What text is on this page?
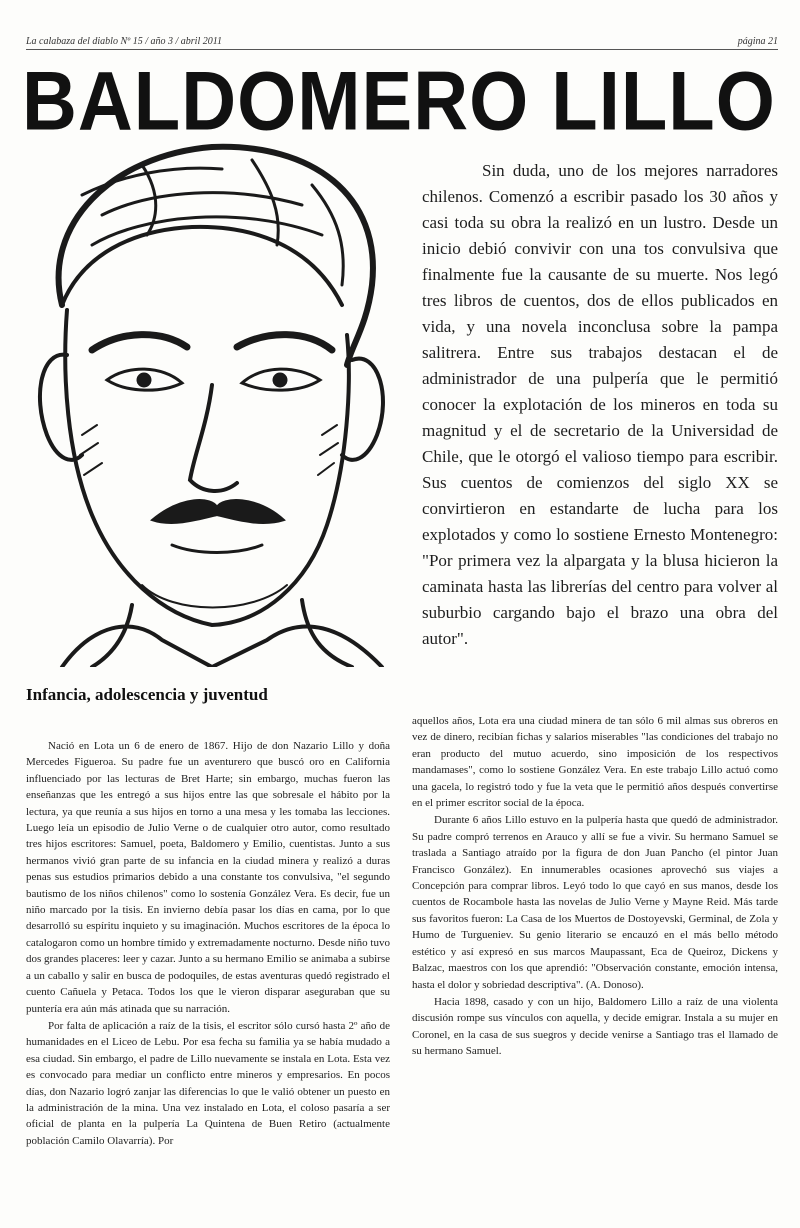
La calabaza del diablo Nº 15 / año 3 / abril 2011	página 21
BALDOMERO LILLO

Sin duda, uno de los mejores narradores chilenos. Comenzó a escribir pasado los 30 años y casi toda su obra la realizó en un lustro. Desde un inicio debió convivir con una tos convulsiva que finalmente fue la causante de su muerte. Nos legó tres libros de cuentos, dos de ellos publicados en vida, y una novela inconclusa sobre la pampa salitrera. Entre sus trabajos destacan el de administrador de una pulpería que le permitió conocer la explotación de los mineros en toda su magnitud y el de secretario de la Universidad de Chile, que le otorgó el valioso tiempo para escribir. Sus cuentos de comienzos del siglo XX se convirtieron en estandarte de lucha para los explotados y como lo sostiene Ernesto Montenegro: "Por primera vez la alpargata y la blusa hicieron la caminata hasta las librerías del centro para volver al suburbio cargando bajo el brazo una obra del autor".

Infancia, adolescencia y juventud

Nació en Lota un 6 de enero de 1867. Hijo de don Nazario Lillo y doña Mercedes Figueroa. Su padre fue un aventurero que buscó oro en California influenciado por las lecturas de Bret Harte; sin embargo, muchas fueron las enseñanzas que les entregó a sus hijos entre las que sobresale el hábito por la lectura, ya que reunía a sus hijos en torno a una mesa y les tomaba las lecciones. Luego leía un episodio de Julio Verne o de cualquier otro autor, como resultado tres hijos escritores: Samuel, poeta, Baldomero y Emilio, cuentistas. Junto a sus hermanos vivió gran parte de su infancia en la ciudad minera y realizó a duras penas sus estudios primarios debido a una constante tos convulsiva, "el segundo bautismo de los niños chilenos" como lo sostenía González Vera. Es decir, fue un niño marcado por la tisis. En invierno debía pasar los días en cama, por lo que desarrolló su espíritu inquieto y su imaginación. Muchos escritores de la época lo catalogaron como un hombre tímido y extremadamente nocturno. Desde niño tuvo dos grandes placeres: leer y cazar. Junto a su hermano Emilio se animaba a subirse a un caballo y salir en busca de podoquiles, de estas aventuras quedó registrado el cuento Cañuela y Petaca. Todos los que le vieron disparar aseguraban que su puntería era aún más atinada que su narración.

Por falta de aplicación a raíz de la tisis, el escritor sólo cursó hasta 2º año de humanidades en el Liceo de Lebu. Por esa fecha su familia ya se había mudado a esa ciudad. Sin embargo, el padre de Lillo nuevamente se instala en Lota. Esta vez es convocado para mediar un conflicto entre mineros y empresarios. En pocos días, don Nazario logró zanjar las diferencias lo que le valió obtener un puesto en la administración de la mina. Una vez instalado en Lota, el coloso pasaría a ser oficial de planta en la pulpería La Quintena de Buen Retiro (actualmente población Camilo Olavarría). Por

aquellos años, Lota era una ciudad minera de tan sólo 6 mil almas sus obreros en vez de dinero, recibían fichas y salarios miserables "las condiciones del trabajo no eran producto del mutuo acuerdo, sino imposición de los respectivos mandamases", como lo sostiene González Vera. En este trabajo Lillo actuó como una gacela, lo registró todo y fue la veta que le permitió años después convertirse en el primer escritor social de la época.

Durante 6 años Lillo estuvo en la pulpería hasta que quedó de administrador. Su padre compró terrenos en Arauco y allí se fue a vivir. Su hermano Samuel se traslada a Santiago atraído por la figura de don Juan Pancho (el pintor Juan Francisco González). En innumerables ocasiones aprovechó sus viajes a Concepción para comprar libros. Leyó todo lo que cayó en sus manos, desde los cuentos de Rocambole hasta las novelas de Julio Verne y Mayne Reid. Más tarde sus favoritos fueron: La Casa de los Muertos de Dostoyevski, Germinal, de Zola y Humo de Turgueniev. Su genio literario se encauzó en el más bello método estético y así expresó en sus marcos Maupassant, Eca de Queiroz, Dickens y Balzac, maestros con los que aprendió: "Observación constante, emoción intensa, hasta el dolor y sobriedad descriptiva". (A. Donoso).

Hacia 1898, casado y con un hijo, Baldomero Lillo a raíz de una violenta discusión rompe sus vínculos con aquella, y decide emigrar. Instala a su mujer en Coronel, en la casa de sus suegros y decide venirse a Santiago tras el llamado de su hermano Samuel.
